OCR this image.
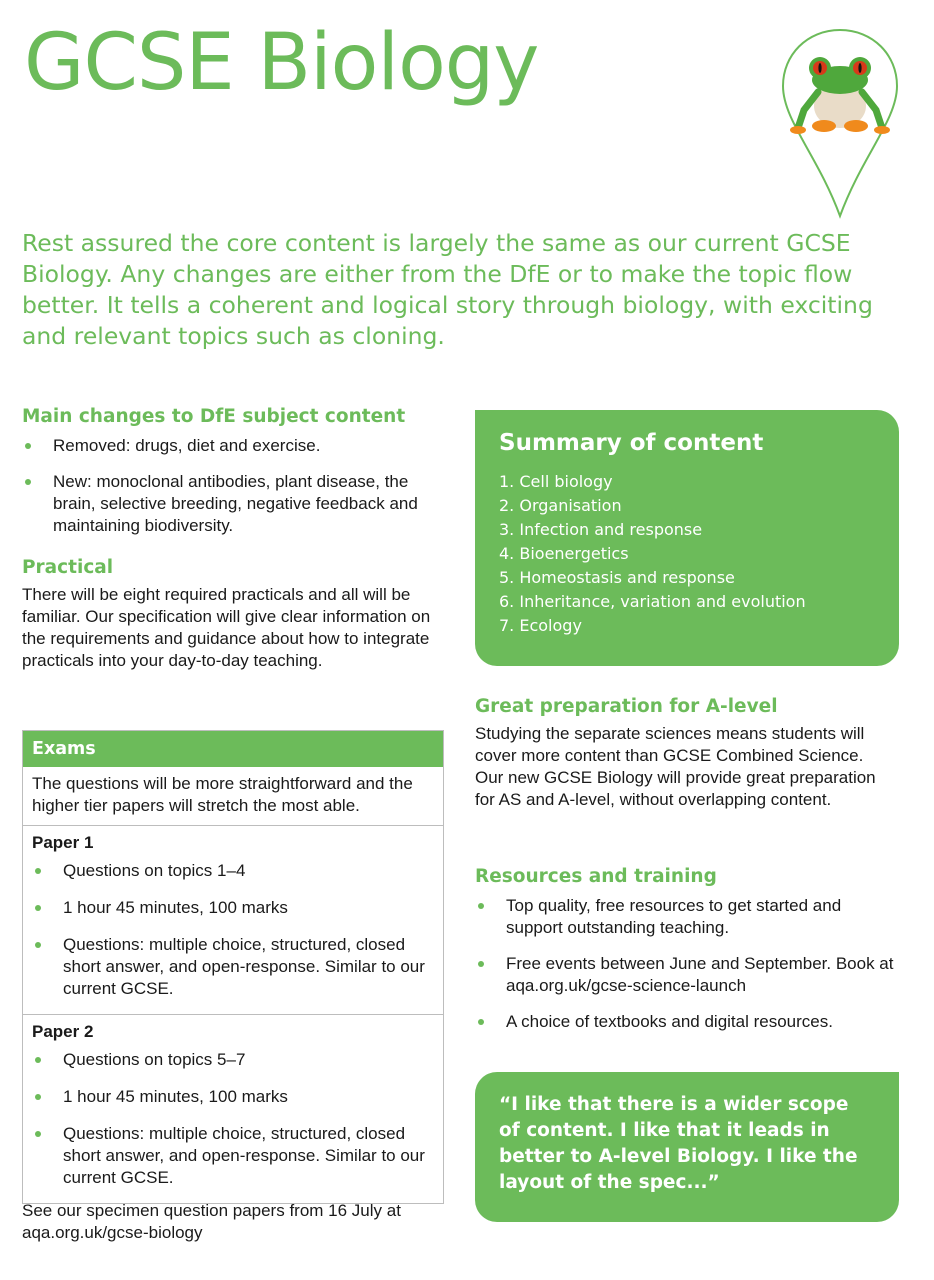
GCSE Biology

Rest assured the core content is largely the same as our current GCSE Biology. Any changes are either from the DfE or to make the topic flow better. It tells a coherent and logical story through biology, with exciting and relevant topics such as cloning.

Main changes to DfE subject content
Removed: drugs, diet and exercise.
New: monoclonal antibodies, plant disease, the brain, selective breeding, negative feedback and maintaining biodiversity.
Practical

There will be eight required practicals and all will be familiar. Our specification will give clear information on the requirements and guidance about how to integrate practicals into your day-to-day teaching.

Exams
The questions will be more straightforward and the higher tier papers will stretch the most able.

Paper 1

Questions on topics 1–4
1 hour 45 minutes, 100 marks
Questions: multiple choice, structured, closed short answer, and open-response. Similar to our current GCSE.

Paper 2

Questions on topics 5–7
1 hour 45 minutes, 100 marks
Questions: multiple choice, structured, closed short answer, and open-response. Similar to our current GCSE.

See our specimen question papers from 16 July at aqa.org.uk/gcse-biology

Summary of content
1. Cell biology
2. Organisation
3. Infection and response
4. Bioenergetics
5. Homeostasis and response
6. Inheritance, variation and evolution
7. Ecology
Great preparation for A-level

Studying the separate sciences means students will cover more content than GCSE Combined Science. Our new GCSE Biology will provide great preparation for AS and A-level, without overlapping content.

Resources and training
Top quality, free resources to get started and support outstanding teaching.
Free events between June and September. Book at aqa.org.uk/gcse-science-launch
A choice of textbooks and digital resources.
“I like that there is a wider scope of content. I like that it leads in better to A-level Biology. I like the layout of the spec...”
